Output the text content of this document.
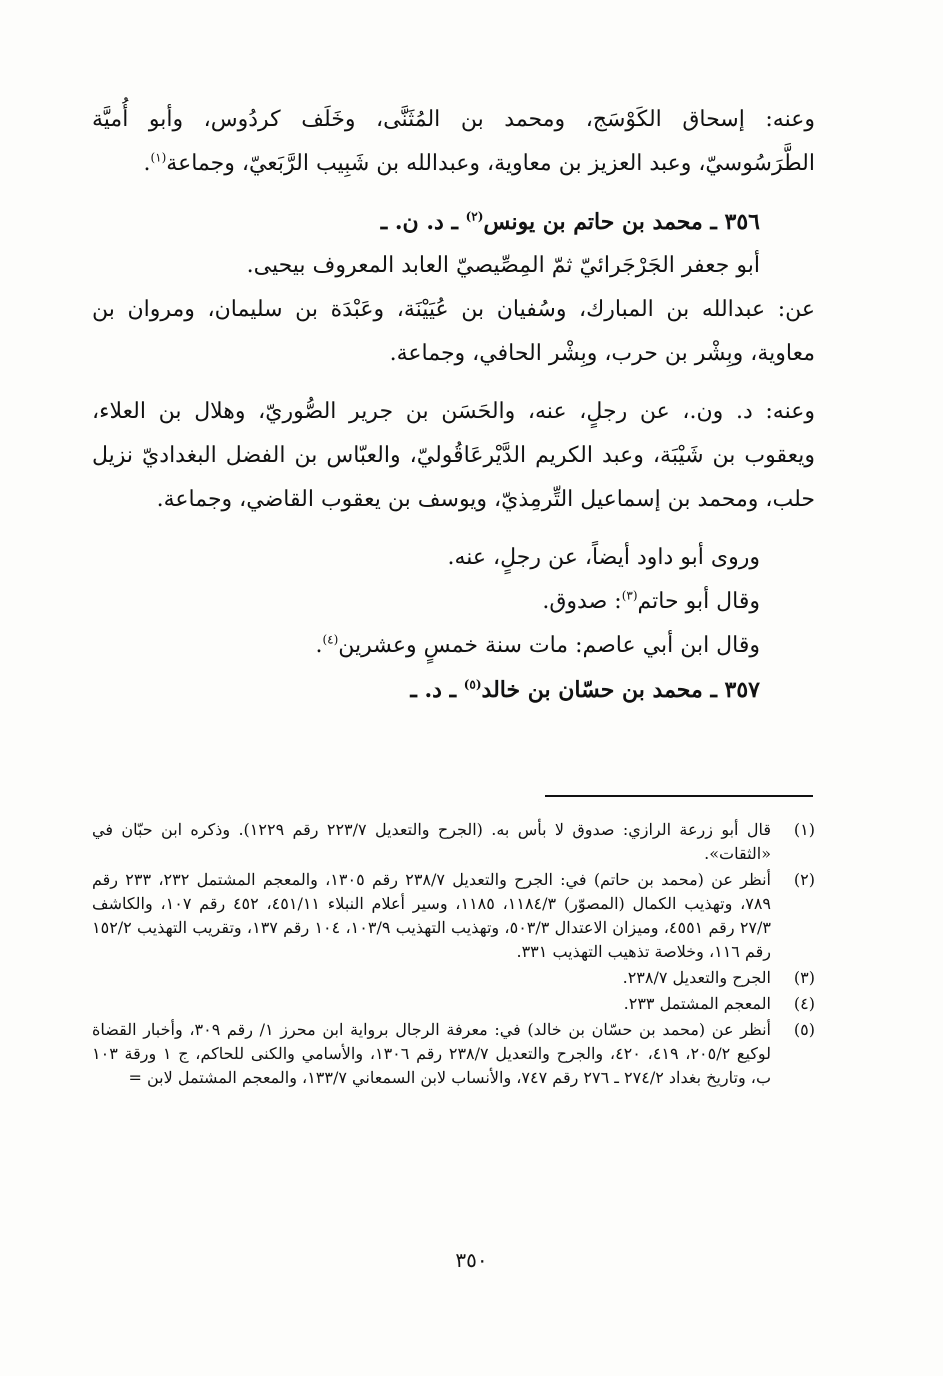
وعنه: إسحاق الكَوْسَج، ومحمد بن المُثَنَّى، وخَلَف كردُوس، وأبو أُميَّة الطَّرَسُوسيّ، وعبد العزيز بن معاوية، وعبدالله بن شَبِيب الرَّبَعيّ، وجماعة$^{(١)}$.

٣٥٦ ـ محمد بن حاتم بن يونس$^{(٢)}$ ـ د. ن. ـ

أبو جعفر الجَرْجَرائيّ ثمّ المِصِّيصيّ العابد المعروف بيحيى.

عن: عبدالله بن المبارك، وسُفيان بن عُيَيْنَة، وعَبْدَة بن سليمان، ومروان بن معاوية، وبِشْر بن حرب، وبِشْر الحافي، وجماعة.

وعنه: د. ون.، عن رجلٍ، عنه، والحَسَن بن جرير الصُّوريّ، وهلال بن العلاء، ويعقوب بن شَيْبَة، وعبد الكريم الدَّيْرعَاقُوليّ، والعبّاس بن الفضل البغداديّ نزيل حلب، ومحمد بن إسماعيل التِّرمِذيّ، ويوسف بن يعقوب القاضي، وجماعة.

وروى أبو داود أيضاً، عن رجلٍ، عنه.

وقال أبو حاتم$^{(٣)}$: صدوق.

وقال ابن أبي عاصم: مات سنة خمسٍ وعشرين$^{(٤)}$.

٣٥٧ ـ محمد بن حسّان بن خالد$^{(٥)}$ ـ د. ـ

(١)
قال أبو زرعة الرازي: صدوق لا بأس به. (الجرح والتعديل ٢٢٣/٧ رقم ١٢٢٩). وذكره ابن حبّان في «الثقات».
(٢)
أنظر عن (محمد بن حاتم) في: الجرح والتعديل ٢٣٨/٧ رقم ١٣٠٥، والمعجم المشتمل ٢٣٢، ٢٣٣ رقم ٧٨٩، وتهذيب الكمال (المصوّر) ١١٨٤/٣، ١١٨٥، وسير أعلام النبلاء ٤٥١/١١، ٤٥٢ رقم ١٠٧، والكاشف ٢٧/٣ رقم ٤٥٥١، وميزان الاعتدال ٥٠٣/٣، وتهذيب التهذيب ١٠٣/٩، ١٠٤ رقم ١٣٧، وتقريب التهذيب ١٥٢/٢ رقم ١١٦، وخلاصة تذهيب التهذيب ٣٣١.
(٣)
الجرح والتعديل ٢٣٨/٧.
(٤)
المعجم المشتمل ٢٣٣.
(٥)
أنظر عن (محمد بن حسّان بن خالد) في: معرفة الرجال برواية ابن محرز ١/ رقم ٣٠٩، وأخبار القضاة لوكيع ٢٠٥/٢، ٤١٩، ٤٢٠، والجرح والتعديل ٢٣٨/٧ رقم ١٣٠٦، والأسامي والكنى للحاكم، ج ١ ورقة ١٠٣ ب، وتاريخ بغداد ٢٧٤/٢ ـ ٢٧٦ رقم ٧٤٧، والأنساب لابن السمعاني ١٣٣/٧، والمعجم المشتمل لابن =
٣٥٠
